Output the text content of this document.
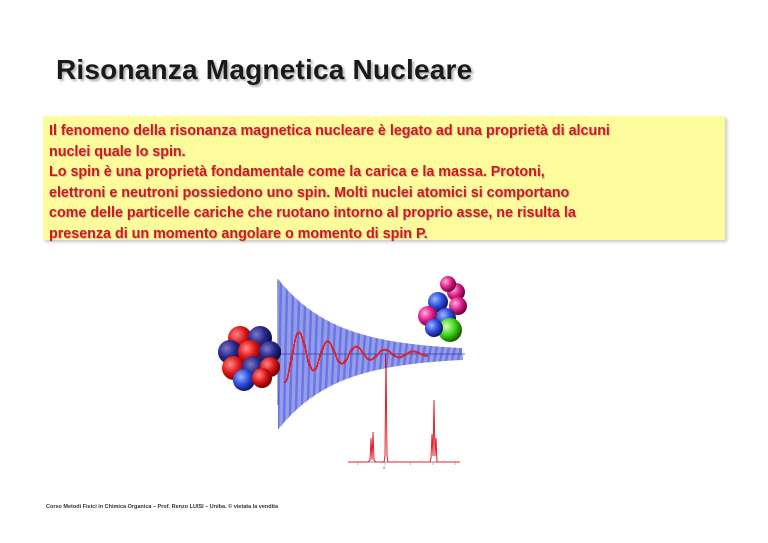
Risonanza Magnetica Nucleare

Il fenomeno della risonanza magnetica nucleare è legato ad una proprietà di alcuni

nuclei quale lo spin.

Lo spin è una proprietà fondamentale come la carica e la massa. Protoni,

elettroni e neutroni possiedono uno spin. Molti nuclei atomici si comportano

come delle particelle cariche che ruotano intorno al proprio asse, ne risulta la

presenza di un momento angolare o momento di spin P.

0
Corso Metodi Fisici in Chimica Organica – Prof. Renzo LUISI – Uniba. © vietata la vendita
